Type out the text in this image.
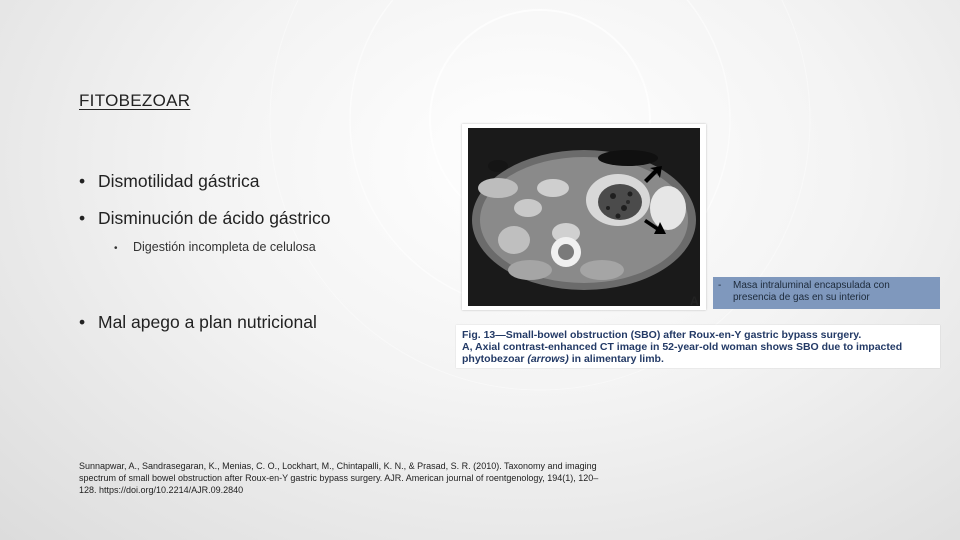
FITOBEZOAR
• Dismotilidad gástrica
• Disminución de ácido gástrico
• Digestión incompleta de celulosa
• Mal apego a plan nutricional
A
- Masa intraluminal encapsulada con presencia de gas en su interior
Fig. 13—Small-bowel obstruction (SBO) after Roux-en-Y gastric bypass surgery.
A, Axial contrast-enhanced CT image in 52-year-old woman shows SBO due to impacted phytobezoar (arrows) in alimentary limb.
Sunnapwar, A., Sandrasegaran, K., Menias, C. O., Lockhart, M., Chintapalli, K. N., & Prasad, S. R. (2010). Taxonomy and imaging spectrum of small bowel obstruction after Roux-en-Y gastric bypass surgery. AJR. American journal of roentgenology, 194(1), 120–128. https://doi.org/10.2214/AJR.09.2840
